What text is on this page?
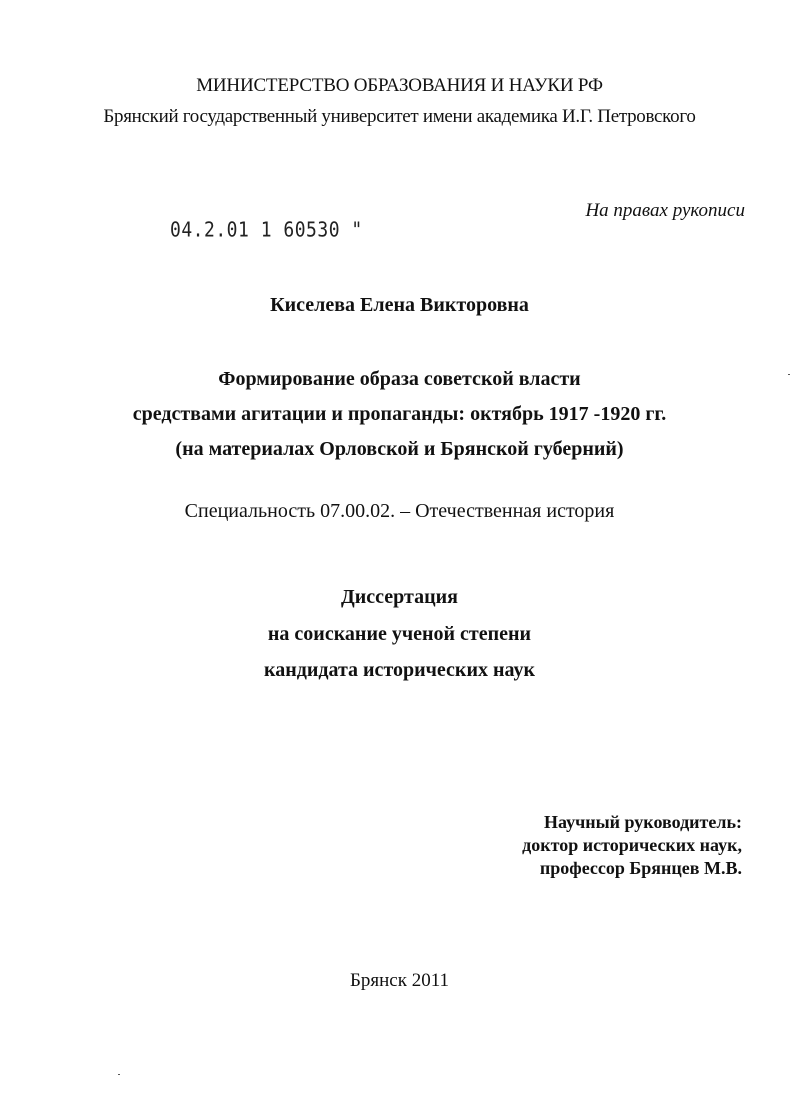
МИНИСТЕРСТВО ОБРАЗОВАНИЯ И НАУКИ РФ
Брянский государственный университет имени академика И.Г. Петровского
На правах рукописи
04.2.01 1 60530 "
Киселева Елена Викторовна
Формирование образа советской власти
средствами агитации и пропаганды: октябрь 1917 -1920 гг.
(на материалах Орловской и Брянской губерний)
Специальность 07.00.02. – Отечественная история
Диссертация
на соискание ученой степени
кандидата исторических наук
Научный руководитель:
доктор исторических наук,
профессор Брянцев М.В.
Брянск 2011
